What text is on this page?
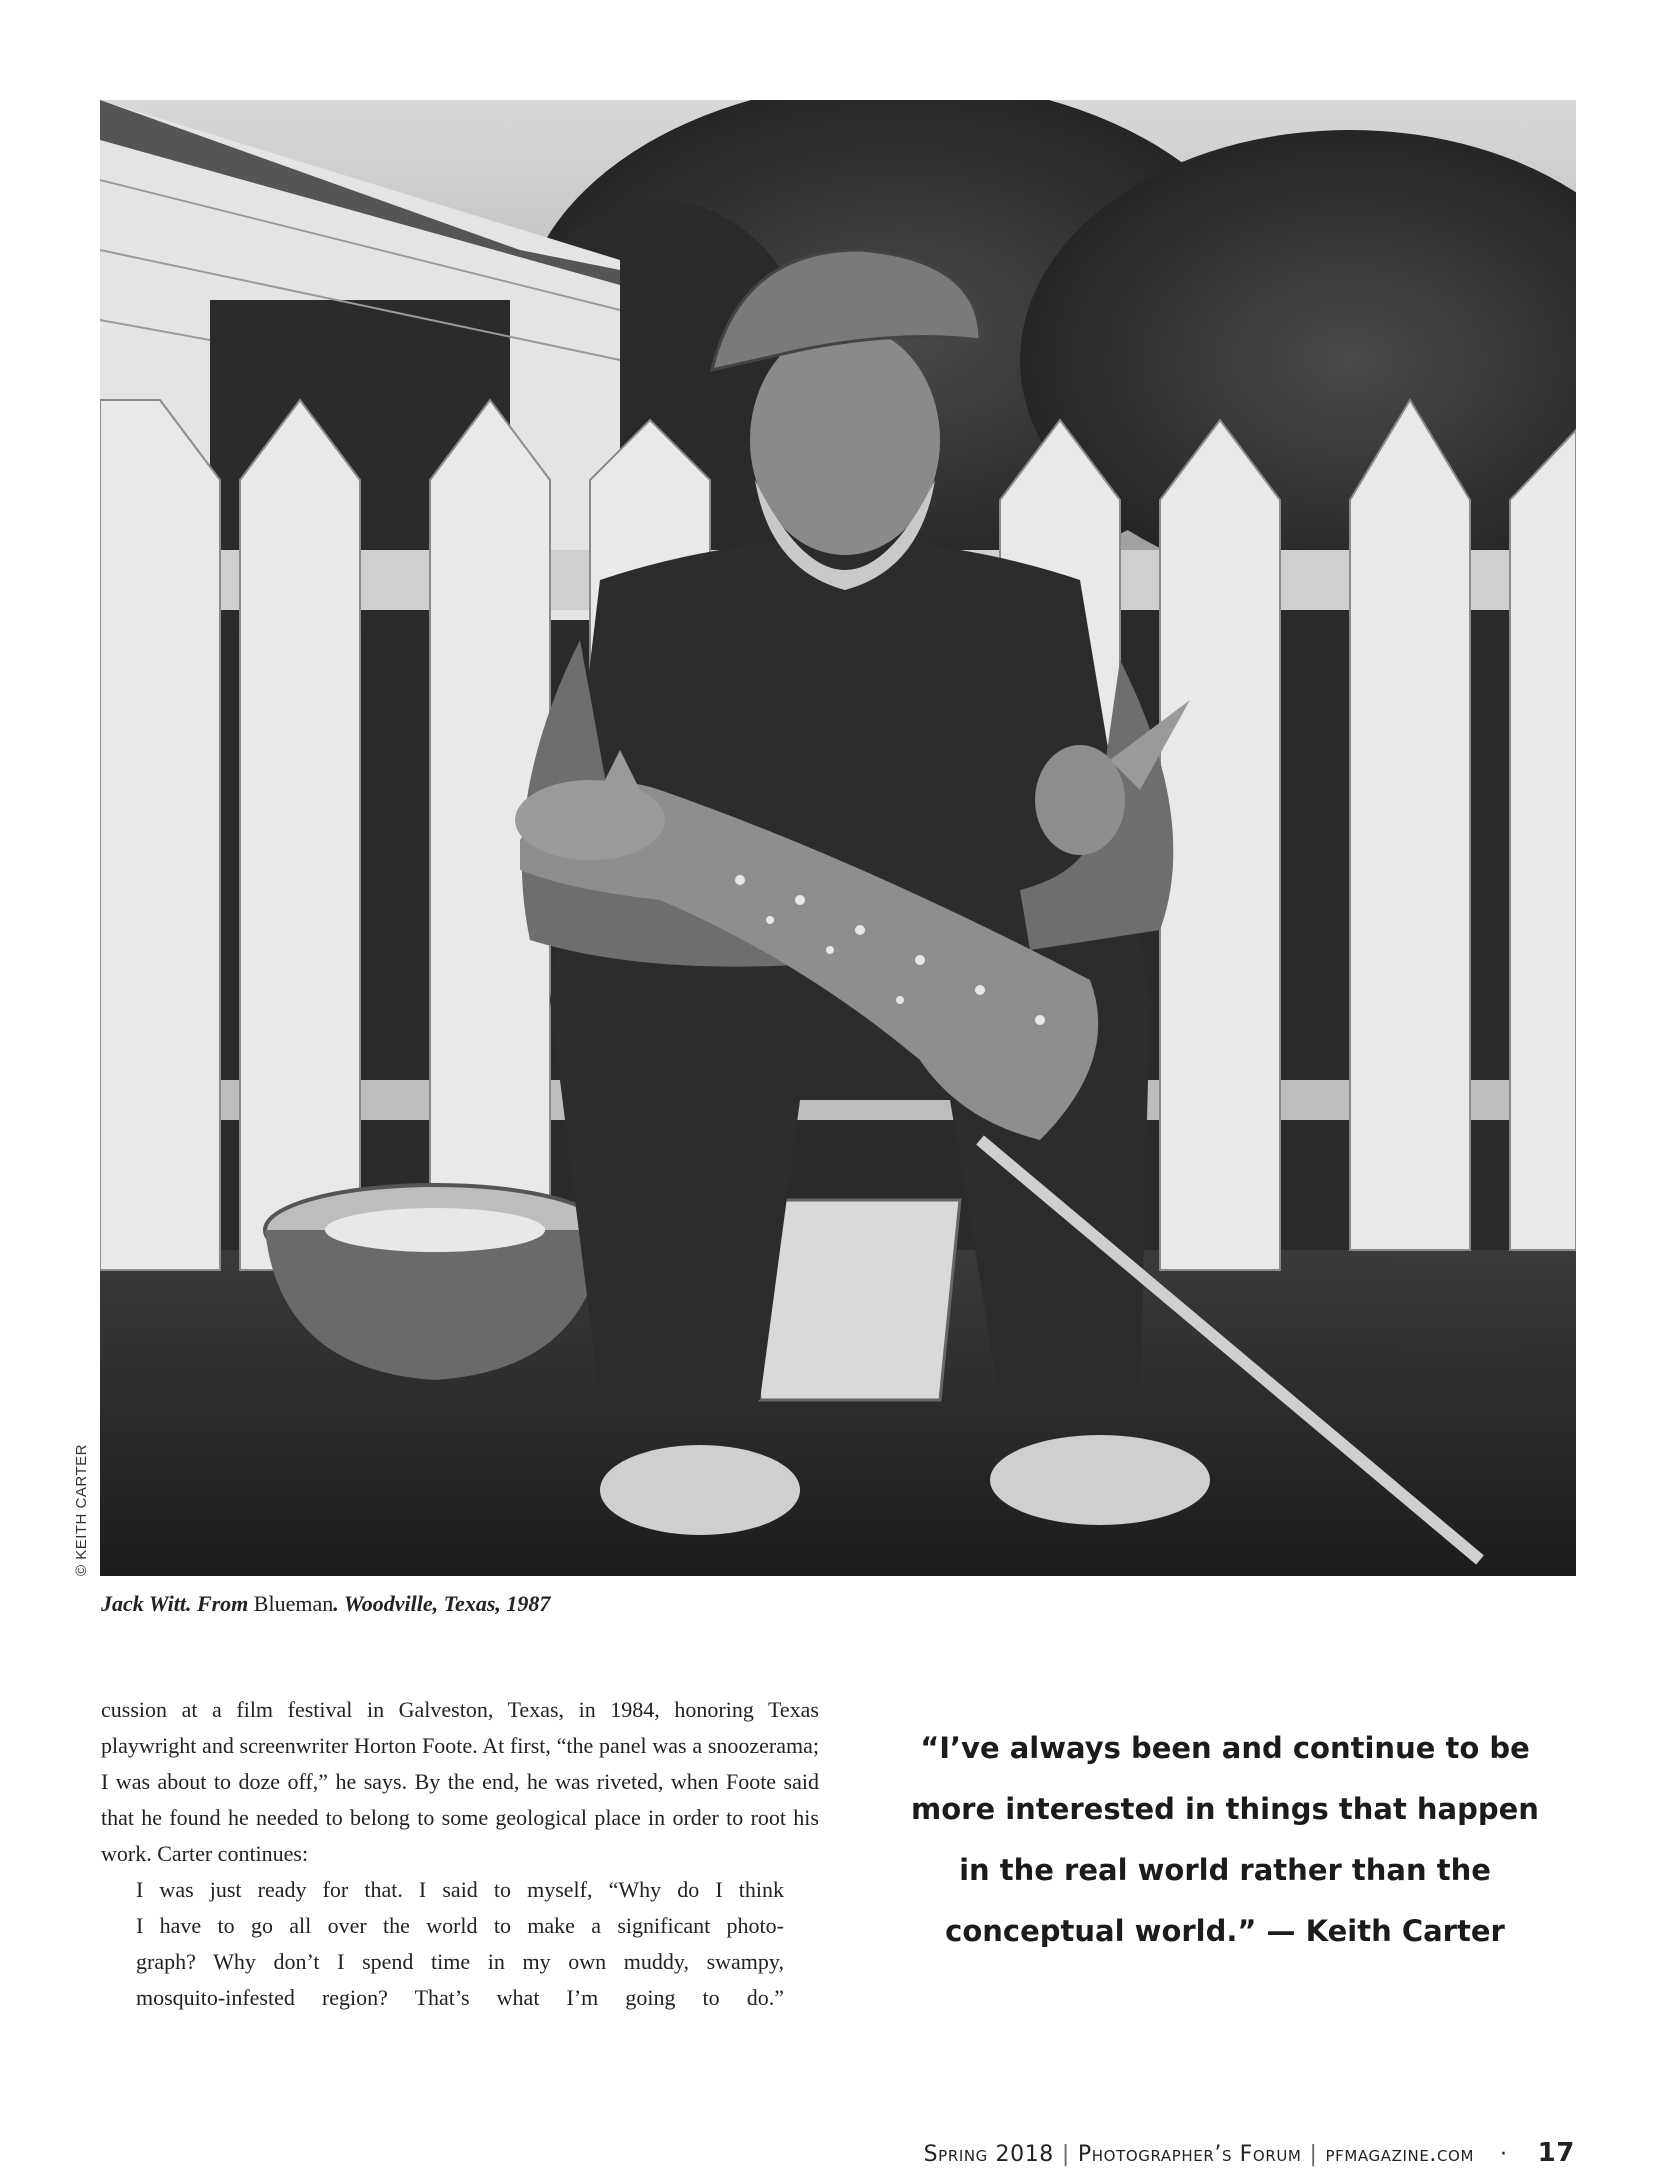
© KEITH CARTER
Jack Witt. From Blueman. Woodville, Texas, 1987

cussion at a film festival in Galveston, Texas, in 1984, honoring Texas playwright and screenwriter Horton Foote. At first, “the panel was a snoozerama; I was about to doze off,” he says. By the end, he was riveted, when Foote said that he found he needed to belong to some geological place in order to root his work. Carter continues:

I was just ready for that. I said to myself, “Why do I think
I have to go all over the world to make a significant photo-
graph? Why don’t I spend time in my own muddy, swampy,
mosquito-infested region? That’s what I’m going to do.”
“I’ve always been and continue to be
more interested in things that happen
in the real world rather than the
conceptual world.” — Keith Carter
Spring 2018 | Photographer’s Forum | pfmagazine.com · 17
